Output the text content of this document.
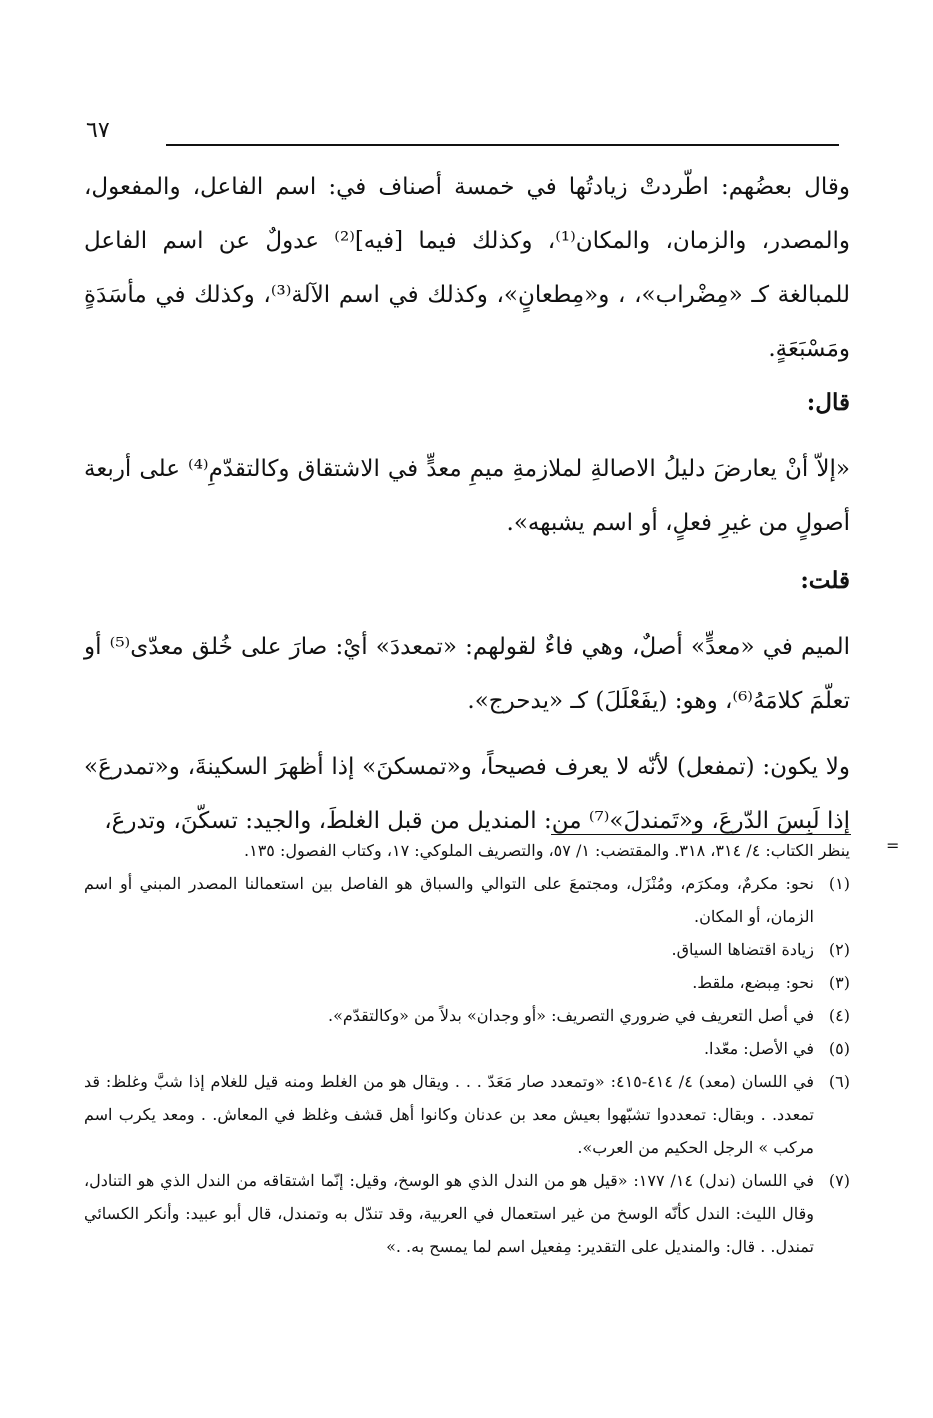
٦٧

وقال بعضُهم: اطّردتْ زيادتُها في خمسة أصناف في: اسم الفاعل، والمفعول، والمصدر، والزمان، والمكان⁽¹⁾، وكذلك فيما [فيه]⁽²⁾ عدولٌ عن اسم الفاعل للمبالغة كـ «مِضْراب»، ، و«مِطعانٍ»، وكذلك في اسم الآلة⁽³⁾، وكذلك في مأسَدَةٍ ومَسْبَعَةٍ.

قال:

«إلاّ أنْ يعارضَ دليلُ الاصالةِ لملازمةِ ميمِ معدٍّ في الاشتقاق وكالتقدّمِ⁽⁴⁾ على أربعة أصولٍ من غيرِ فعلٍ، أو اسم يشبهه».

قلت:

الميم في «معدٍّ» أصلٌ، وهي فاءٌ لقولهم: «تمعددَ» أيْ: صارَ على خُلق معدّى⁽⁵⁾ أو تعلّمَ كلامَهُ⁽⁶⁾، وهو: (يفَعْلَلَ) كـ «يدحرج».

ولا يكون: (تمفعل) لأنّه لا يعرف فصيحاً، و«تمسكنَ» إذا أظهرَ السكينةَ، و«تمدرعَ» إذا لَبِسَ الدّرعَ، و«تَمندلَ»⁽⁷⁾ من: المنديل من قبل الغلطَ، والجيد: تسكّنَ، وتدرعَ،

=

ينظر الكتاب: ٤/ ٣١٤، ٣١٨. والمقتضب: ١/ ٥٧، والتصريف الملوكي: ١٧، وكتاب الفصول: ١٣٥.

(١)
نحو: مكرمٌ، ومكرَم، ومُنْزَل، ومجتمعَ على التوالي والسباق هو الفاصل بين استعمالنا المصدر المبني أو اسم الزمان، أو المكان.

(٢)
زيادة اقتضاها السياق.

(٣)
نحو: مِبضع، ملقط.

(٤)
في أصل التعريف في ضروري التصريف: «أو وجدان» بدلاً من «وكالتقدّم».

(٥)
في الأصل: معّدا.

(٦)
في اللسان (معد) ٤/ ٤١٤-٤١٥: «وتمعدد صار مَعَدّ . . . ويقال هو من الغلط ومنه قيل للغلام إذا شبَّ وغلظ: قد تمعدد. . وبقال: تمعددوا تشبّهوا بعيش معد بن عدنان وكانوا أهل قشف وغلظ في المعاش. . ومعد يكرب اسم مركب » الرجل الحكيم من العرب».

(٧)
في اللسان (ندل) ١٤/ ١٧٧: «قيل هو من الندل الذي هو الوسخ، وقيل: إنّما اشتقاقه من الندل الذي هو التنادل، وقال الليث: الندل كأنّه الوسخ من غير استعمال في العربية، وقد تندّل به وتمندل، قال أبو عبيد: وأنكر الكسائي تمندل. . قال: والمنديل على التقدير: مِفعيل اسم لما يمسح به. .»
